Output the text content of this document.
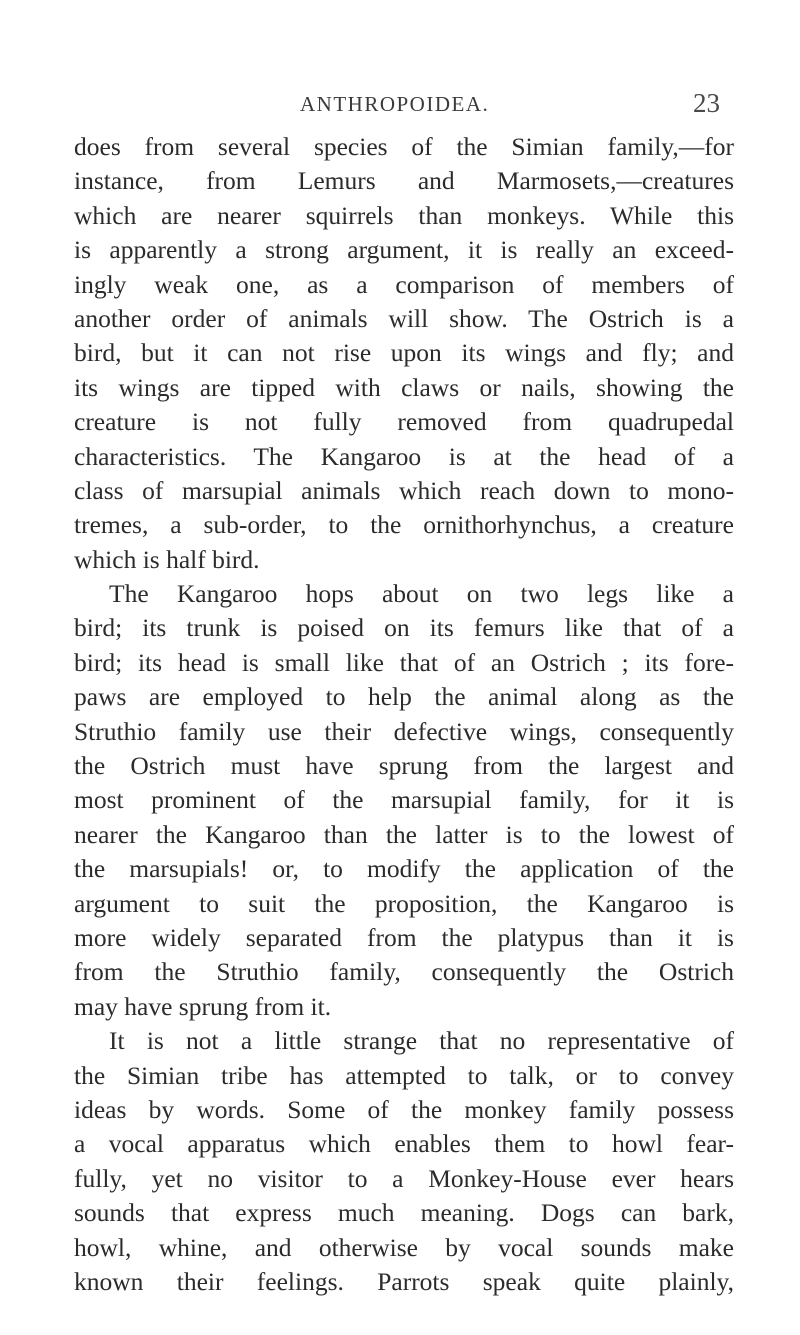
ANTHROPOIDEA.	23
does from several species of the Simian family,—for
instance, from Lemurs and Marmosets,—creatures
which are nearer squirrels than monkeys. While this
is apparently a strong argument, it is really an exceed-
ingly weak one, as a comparison of members of
another order of animals will show. The Ostrich is a
bird, but it can not rise upon its wings and fly; and
its wings are tipped with claws or nails, showing the
creature is not fully removed from quadrupedal
characteristics. The Kangaroo is at the head of a
class of marsupial animals which reach down to mono-
tremes, a sub-order, to the ornithorhynchus, a creature
which is half bird.
The Kangaroo hops about on two legs like a
bird; its trunk is poised on its femurs like that of a
bird; its head is small like that of an Ostrich ; its fore-
paws are employed to help the animal along as the
Struthio family use their defective wings, consequently
the Ostrich must have sprung from the largest and
most prominent of the marsupial family, for it is
nearer the Kangaroo than the latter is to the lowest of
the marsupials! or, to modify the application of the
argument to suit the proposition, the Kangaroo is
more widely separated from the platypus than it is
from the Struthio family, consequently the Ostrich
may have sprung from it.
It is not a little strange that no representative of
the Simian tribe has attempted to talk, or to convey
ideas by words. Some of the monkey family possess
a vocal apparatus which enables them to howl fear-
fully, yet no visitor to a Monkey-House ever hears
sounds that express much meaning. Dogs can bark,
howl, whine, and otherwise by vocal sounds make
known their feelings. Parrots speak quite plainly,
